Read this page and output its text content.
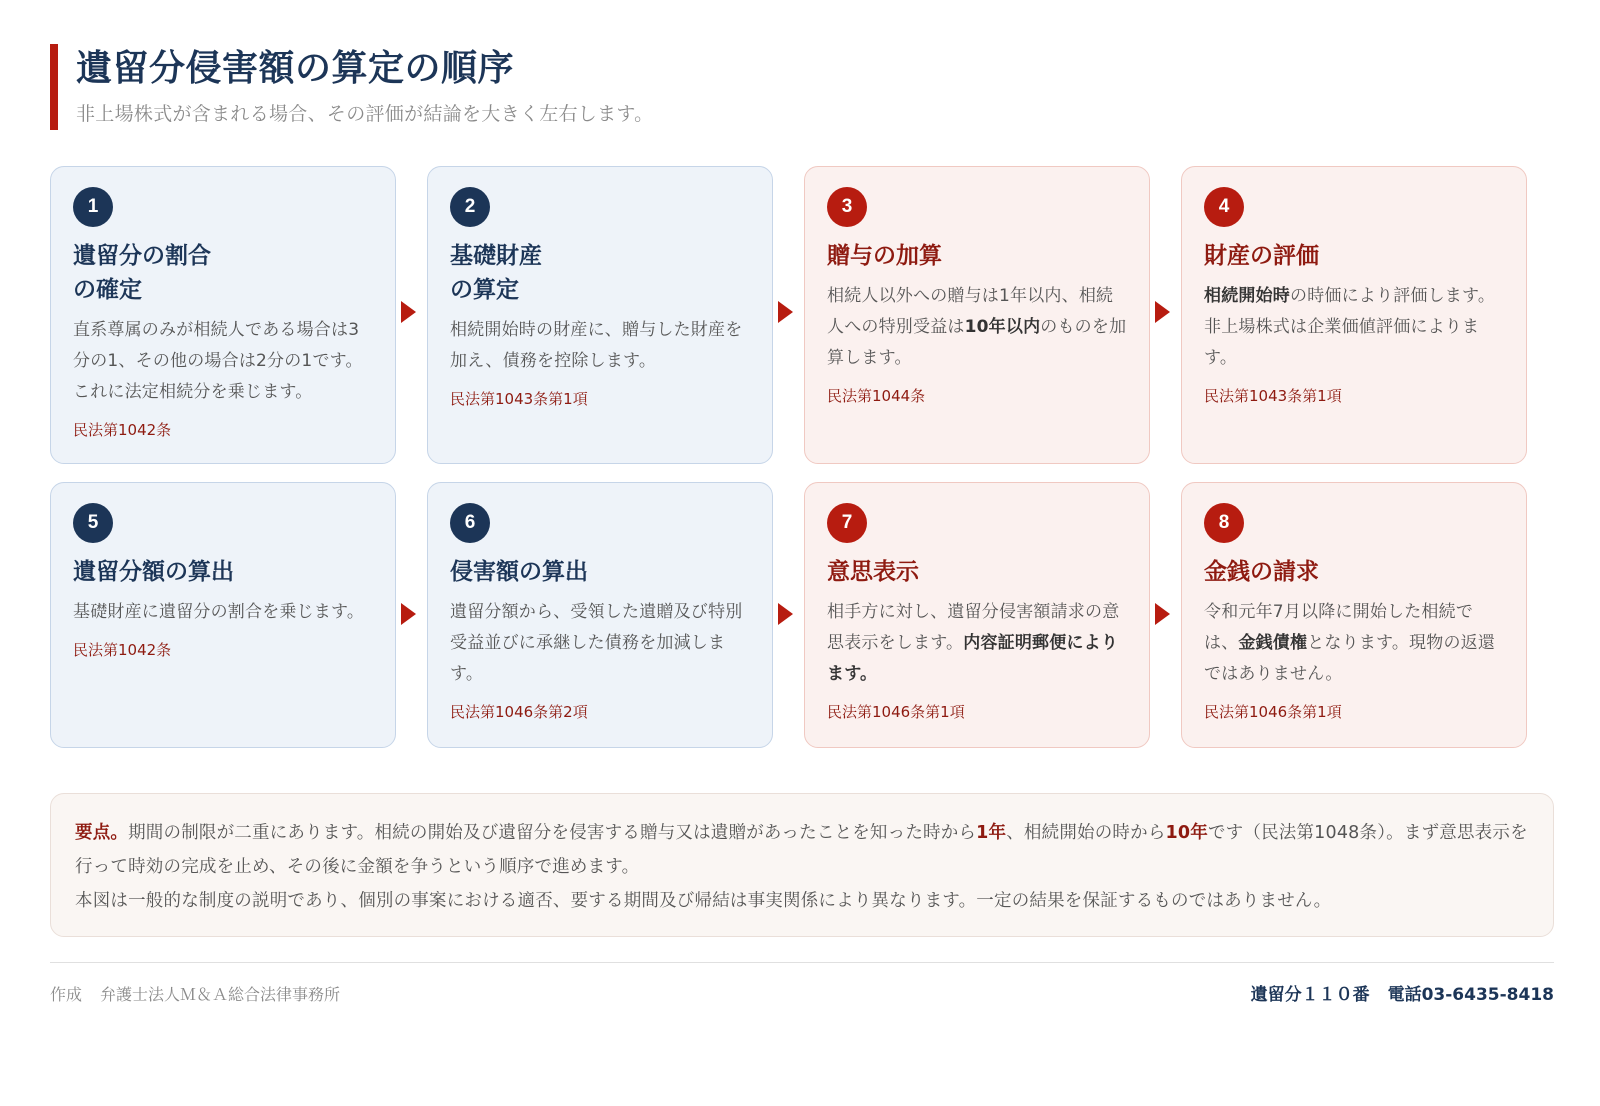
遺留分侵害額の算定の順序
非上場株式が含まれる場合、その評価が結論を大きく左右します。
1
遺留分の割合
の確定
直系尊属のみが相続人である場合は3分の1、その他の場合は2分の1です。これに法定相続分を乗じます。
民法第1042条
2
基礎財産
の算定
相続開始時の財産に、贈与した財産を加え、債務を控除します。
民法第1043条第1項
3
贈与の加算
相続人以外への贈与は1年以内、相続人への特別受益は10年以内のものを加算します。
民法第1044条
4
財産の評価
相続開始時の時価により評価します。非上場株式は企業価値評価によります。
民法第1043条第1項
5
遺留分額の算出
基礎財産に遺留分の割合を乗じます。
民法第1042条
6
侵害額の算出
遺留分額から、受領した遺贈及び特別受益並びに承継した債務を加減します。
民法第1046条第2項
7
意思表示
相手方に対し、遺留分侵害額請求の意思表示をします。内容証明郵便によります。
民法第1046条第1項
8
金銭の請求
令和元年7月以降に開始した相続では、金銭債権となります。現物の返還ではありません。
民法第1046条第1項
要点。期間の制限が二重にあります。相続の開始及び遺留分を侵害する贈与又は遺贈があったことを知った時から1年、相続開始の時から10年です（民法第1048条）。まず意思表示を行って時効の完成を止め、その後に金額を争うという順序で進めます。
本図は一般的な制度の説明であり、個別の事案における適否、要する期間及び帰結は事実関係により異なります。一定の結果を保証するものではありません。
作成 弁護士法人Ｍ＆Ａ総合法律事務所	遺留分１１０番 電話03-6435-8418
